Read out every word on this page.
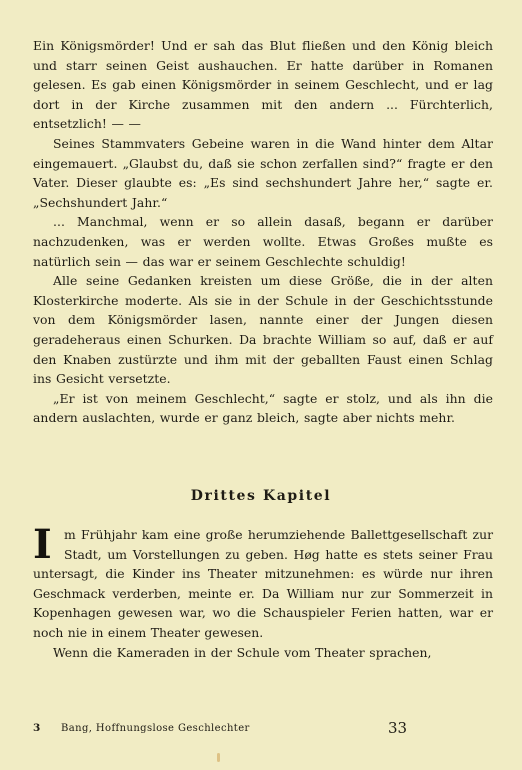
Ein Königsmörder! Und er sah das Blut fließen und den König bleich und starr seinen Geist aushauchen. Er hatte darüber in Romanen gelesen. Es gab einen Königsmörder in seinem Geschlecht, und er lag dort in der Kirche zusammen mit den andern ... Fürchterlich, entsetzlich! — —

Seines Stammvaters Gebeine waren in die Wand hinter dem Altar eingemauert. „Glaubst du, daß sie schon zerfallen sind?“ fragte er den Vater. Dieser glaubte es: „Es sind sechshundert Jahre her,“ sagte er. „Sechshundert Jahr.“

... Manchmal, wenn er so allein dasaß, begann er darüber nachzudenken, was er werden wollte. Etwas Großes mußte es natürlich sein — das war er seinem Geschlechte schuldig!

Alle seine Gedanken kreisten um diese Größe, die in der alten Klosterkirche moderte. Als sie in der Schule in der Geschichtsstunde von dem Königsmörder lasen, nannte einer der Jungen diesen geradeheraus einen Schurken. Da brachte William so auf, daß er auf den Knaben zustürzte und ihm mit der geballten Faust einen Schlag ins Gesicht versetzte.

„Er ist von meinem Geschlecht,“ sagte er stolz, und als ihn die andern auslachten, wurde er ganz bleich, sagte aber nichts mehr.

Drittes Kapitel

Im Frühjahr kam eine große herumziehende Ballettgesellschaft zur Stadt, um Vorstellungen zu geben. Høg hatte es stets seiner Frau untersagt, die Kinder ins Theater mitzunehmen: es würde nur ihren Geschmack verderben, meinte er. Da William nur zur Sommerzeit in Kopenhagen gewesen war, wo die Schauspieler Ferien hatten, war er noch nie in einem Theater gewesen.

Wenn die Kameraden in der Schule vom Theater sprachen,

3 Bang, Hoffnungslose Geschlechter	33
